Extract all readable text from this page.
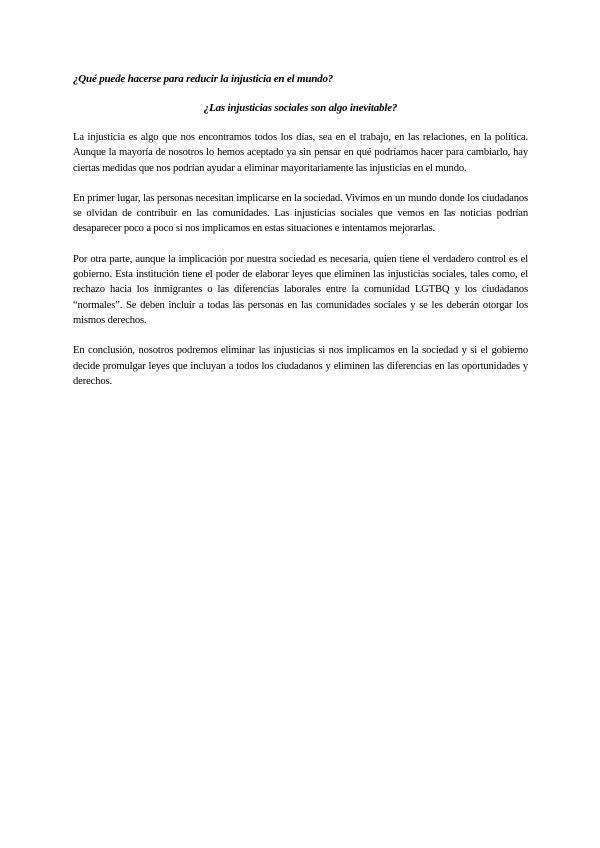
¿Qué puede hacerse para reducir la injusticia en el mundo?

¿Las injusticias sociales son algo inevitable?

La injusticia es algo que nos encontramos todos los días, sea en el trabajo, en las relaciones, en la política. Aunque la mayoría de nosotros lo hemos aceptado ya sin pensar en qué podríamos hacer para cambiarlo, hay ciertas medidas que nos podrían ayudar a eliminar mayoritariamente las injusticias en el mundo.

En primer lugar, las personas necesitan implicarse en la sociedad. Vivimos en un mundo donde los ciudadanos se olvidan de contribuir en las comunidades. Las injusticias sociales que vemos en las noticias podrían desaparecer poco a poco si nos implicamos en estas situaciones e intentamos mejorarlas.

Por otra parte, aunque la implicación por nuestra sociedad es necesaria, quien tiene el verdadero control es el gobierno. Esta institución tiene el poder de elaborar leyes que eliminen las injusticias sociales, tales como, el rechazo hacia los inmigrantes o las diferencias laborales entre la comunidad LGTBQ y los ciudadanos “normales”. Se deben incluir a todas las personas en las comunidades sociales y se les deberán otorgar los mismos derechos.

En conclusión, nosotros podremos eliminar las injusticias si nos implicamos en la sociedad y si el gobierno decide promulgar leyes que incluyan a todos los ciudadanos y eliminen las diferencias en las oportunidades y derechos.
